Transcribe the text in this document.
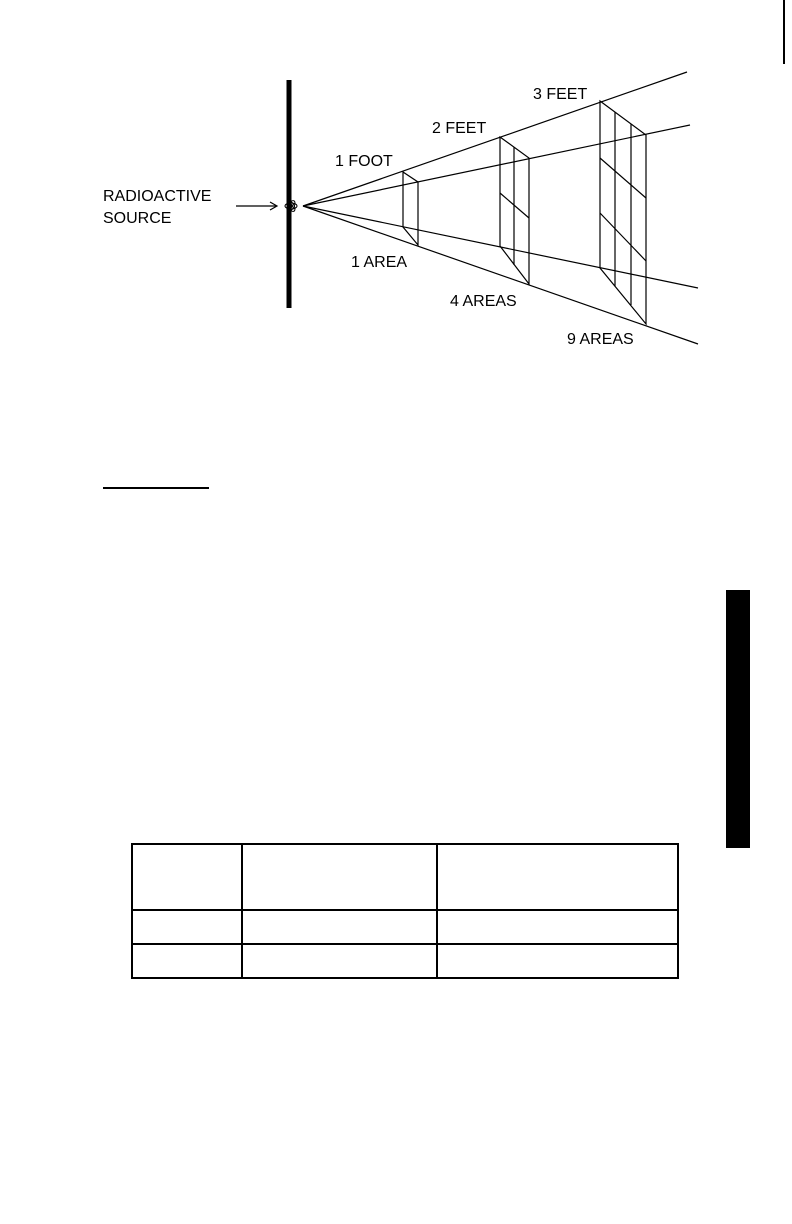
RADIOACTIVE
SOURCE
1 FOOT
2 FEET
3 FEET
1 AREA
4 AREAS
9 AREAS
